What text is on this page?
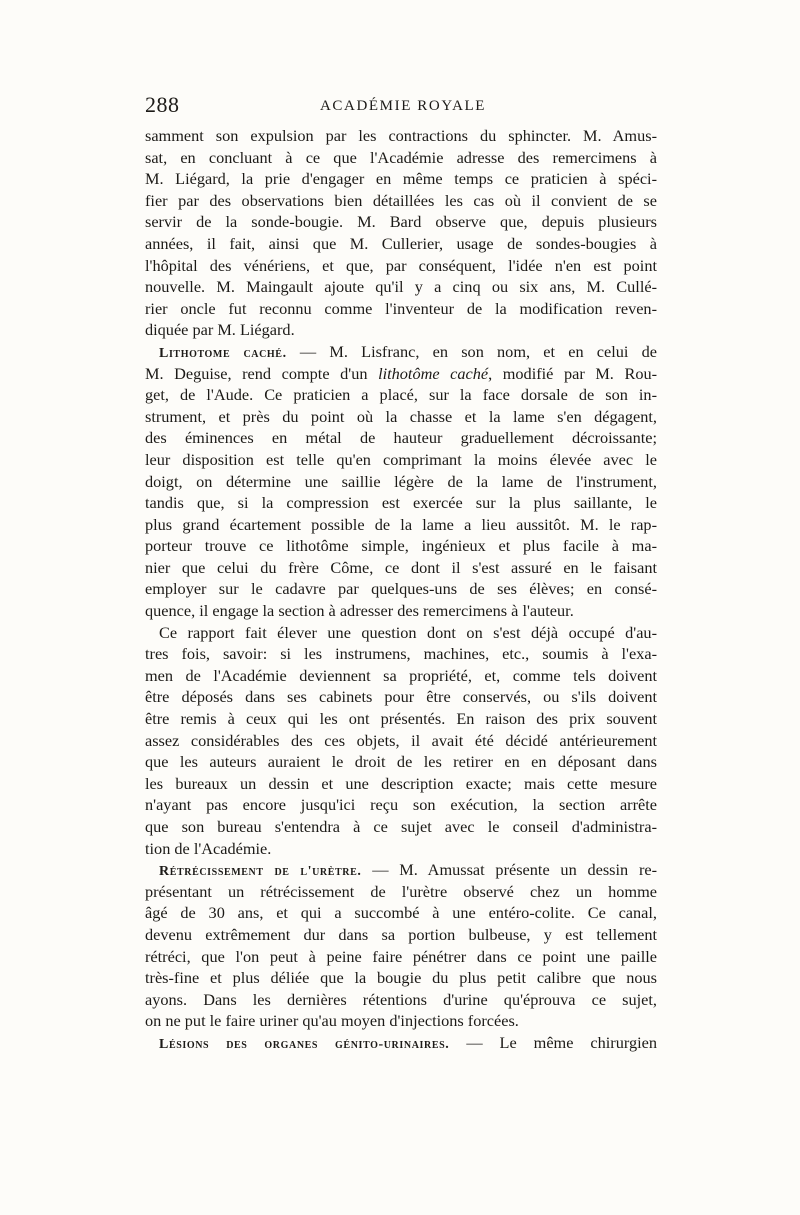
288	ACADÉMIE ROYALE
samment son expulsion par les contractions du sphincter. M. Amus-
sat, en concluant à ce que l'Académie adresse des remercimens à
M. Liégard, la prie d'engager en même temps ce praticien à spéci-
fier par des observations bien détaillées les cas où il convient de se
servir de la sonde-bougie. M. Bard observe que, depuis plusieurs
années, il fait, ainsi que M. Cullerier, usage de sondes-bougies à
l'hôpital des vénériens, et que, par conséquent, l'idée n'en est point
nouvelle. M. Maingault ajoute qu'il y a cinq ou six ans, M. Cullé-
rier oncle fut reconnu comme l'inventeur de la modification reven-
diquée par M. Liégard.
Lithotome caché. — M. Lisfranc, en son nom, et en celui de
M. Deguise, rend compte d'un lithotôme caché, modifié par M. Rou-
get, de l'Aude. Ce praticien a placé, sur la face dorsale de son in-
strument, et près du point où la chasse et la lame s'en dégagent,
des éminences en métal de hauteur graduellement décroissante;
leur disposition est telle qu'en comprimant la moins élevée avec le
doigt, on détermine une saillie légère de la lame de l'instrument,
tandis que, si la compression est exercée sur la plus saillante, le
plus grand écartement possible de la lame a lieu aussitôt. M. le rap-
porteur trouve ce lithotôme simple, ingénieux et plus facile à ma-
nier que celui du frère Côme, ce dont il s'est assuré en le faisant
employer sur le cadavre par quelques-uns de ses élèves; en consé-
quence, il engage la section à adresser des remercimens à l'auteur.
Ce rapport fait élever une question dont on s'est déjà occupé d'au-
tres fois, savoir: si les instrumens, machines, etc., soumis à l'exa-
men de l'Académie deviennent sa propriété, et, comme tels doivent
être déposés dans ses cabinets pour être conservés, ou s'ils doivent
être remis à ceux qui les ont présentés. En raison des prix souvent
assez considérables des ces objets, il avait été décidé antérieurement
que les auteurs auraient le droit de les retirer en en déposant dans
les bureaux un dessin et une description exacte; mais cette mesure
n'ayant pas encore jusqu'ici reçu son exécution, la section arrête
que son bureau s'entendra à ce sujet avec le conseil d'administra-
tion de l'Académie.
Rétrécissement de l'urètre. — M. Amussat présente un dessin re-
présentant un rétrécissement de l'urètre observé chez un homme
âgé de 30 ans, et qui a succombé à une entéro-colite. Ce canal,
devenu extrêmement dur dans sa portion bulbeuse, y est tellement
rétréci, que l'on peut à peine faire pénétrer dans ce point une paille
très-fine et plus déliée que la bougie du plus petit calibre que nous
ayons. Dans les dernières rétentions d'urine qu'éprouva ce sujet,
on ne put le faire uriner qu'au moyen d'injections forcées.
Lésions des organes génito-urinaires. — Le même chirurgien
